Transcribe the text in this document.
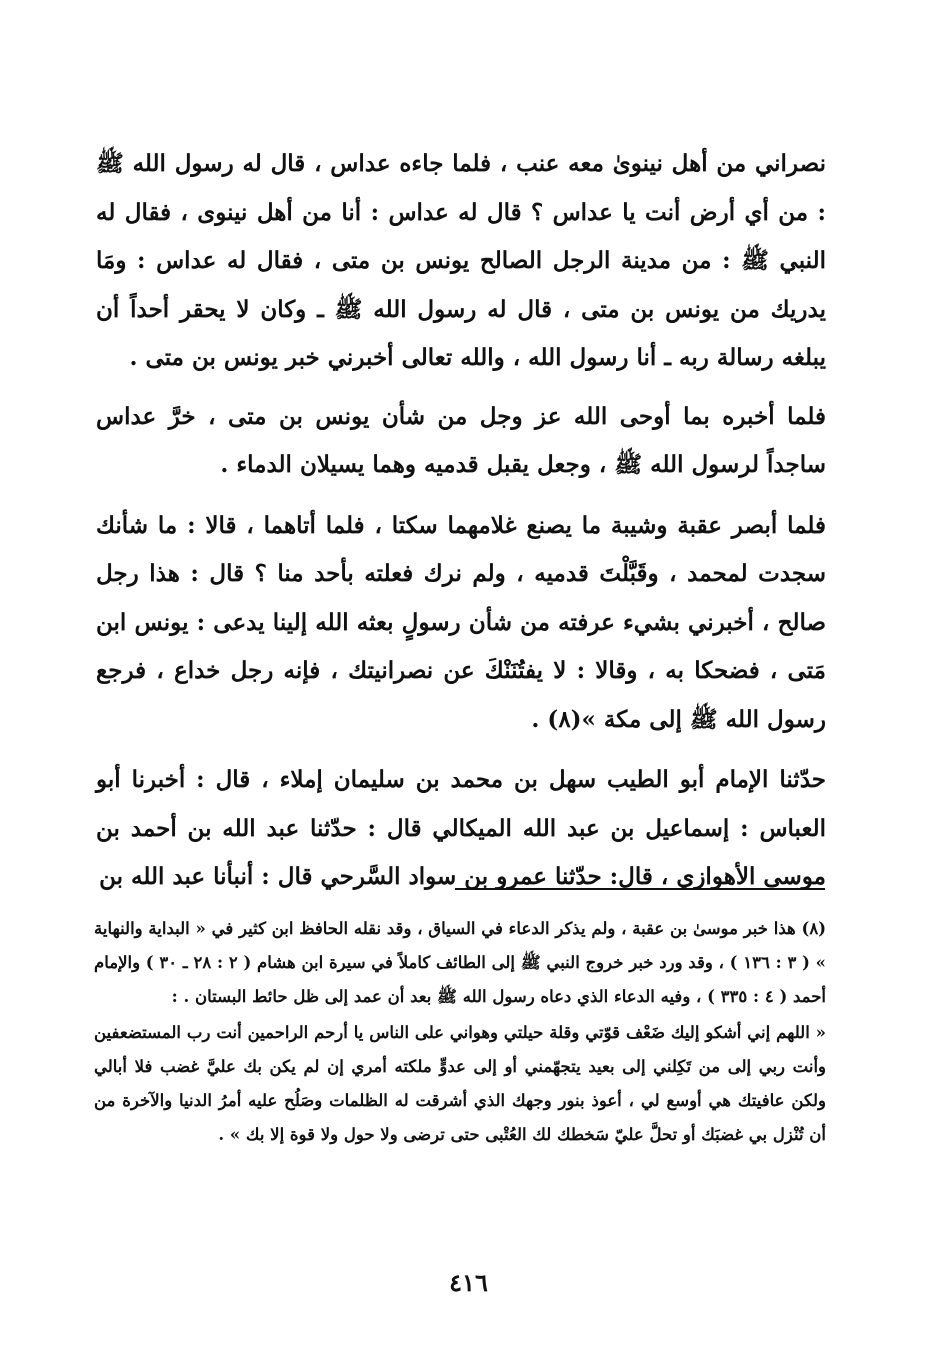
نصراني من أهل نينوىٰ معه عنب ، فلما جاءه عداس ، قال له رسول الله ﷺ : من أي أرض أنت يا عداس ؟ قال له عداس : أنا من أهل نينوى ، فقال له النبي ﷺ : من مدينة الرجل الصالح يونس بن متى ، فقال له عداس : ومَا يدريك من يونس بن متى ، قال له رسول الله ﷺ ـ وكان لا يحقر أحداً أن يبلغه رسالة ربه ـ أنا رسول الله ، والله تعالى أخبرني خبر يونس بن متى .

فلما أخبره بما أوحى الله عز وجل من شأن يونس بن متى ، خرَّ عداس ساجداً لرسول الله ﷺ ، وجعل يقبل قدميه وهما يسيلان الدماء .

فلما أبصر عقبة وشيبة ما يصنع غلامهما سكتا ، فلما أتاهما ، قالا : ما شأنك سجدت لمحمد ، وقَبَّلْتَ قدميه ، ولم نرك فعلته بأحد منا ؟ قال : هذا رجل صالح ، أخبرني بشيء عرفته من شأن رسولٍ بعثه الله إلينا يدعى : يونس ابن مَتى ، فضحكا به ، وقالا : لا يفتُنَنْكَ عن نصرانيتك ، فإنه رجل خداع ، فرجع رسول الله ﷺ إلى مكة »(٨) .

حدّثنا الإمام أبو الطيب سهل بن محمد بن سليمان إملاء ، قال : أخبرنا أبو العباس : إسماعيل بن عبد الله الميكالي قال : حدّثنا عبد الله بن أحمد بن موسى الأهوازي ، قال: حدّثنا عمرو بن سواد السَّرحي قال : أنبأنا عبد الله بن

(٨) هذا خبر موسىٰ بن عقبة ، ولم يذكر الدعاء في السياق ، وقد نقله الحافظ ابن كثير في « البداية والنهاية » ( ٣ : ١٣٦ ) ، وقد ورد خبر خروج النبي ﷺ إلى الطائف كاملاً في سيرة ابن هشام ( ٢ : ٢٨ ـ ٣٠ ) والإمام أحمد ( ٤ : ٣٣٥ ) ، وفيه الدعاء الذي دعاه رسول الله ﷺ بعد أن عمد إلى ظل حائط البستان . :

« اللهم إني أشكو إليك ضَعْف قوّتي وقلة حيلتي وهواني على الناس يا أرحم الراحمين أنت رب المستضعفين وأنت ربي إلى من تَكِلني إلى بعيد يتجهّمني أو إلى عدوٍّ ملكته أمري إن لم يكن بك عليَّ غضب فلا أبالي ولكن عافيتك هي أوسع لي ، أعوذ بنور وجهك الذي أشرقت له الظلمات وصَلُح عليه أمرُ الدنيا والآخرة من أن تُنْزل بي غضبَك أو تحلَّ عليّ سَخطك لك العُتْبى حتى ترضى ولا حول ولا قوة إلا بك » .

٤١٦
